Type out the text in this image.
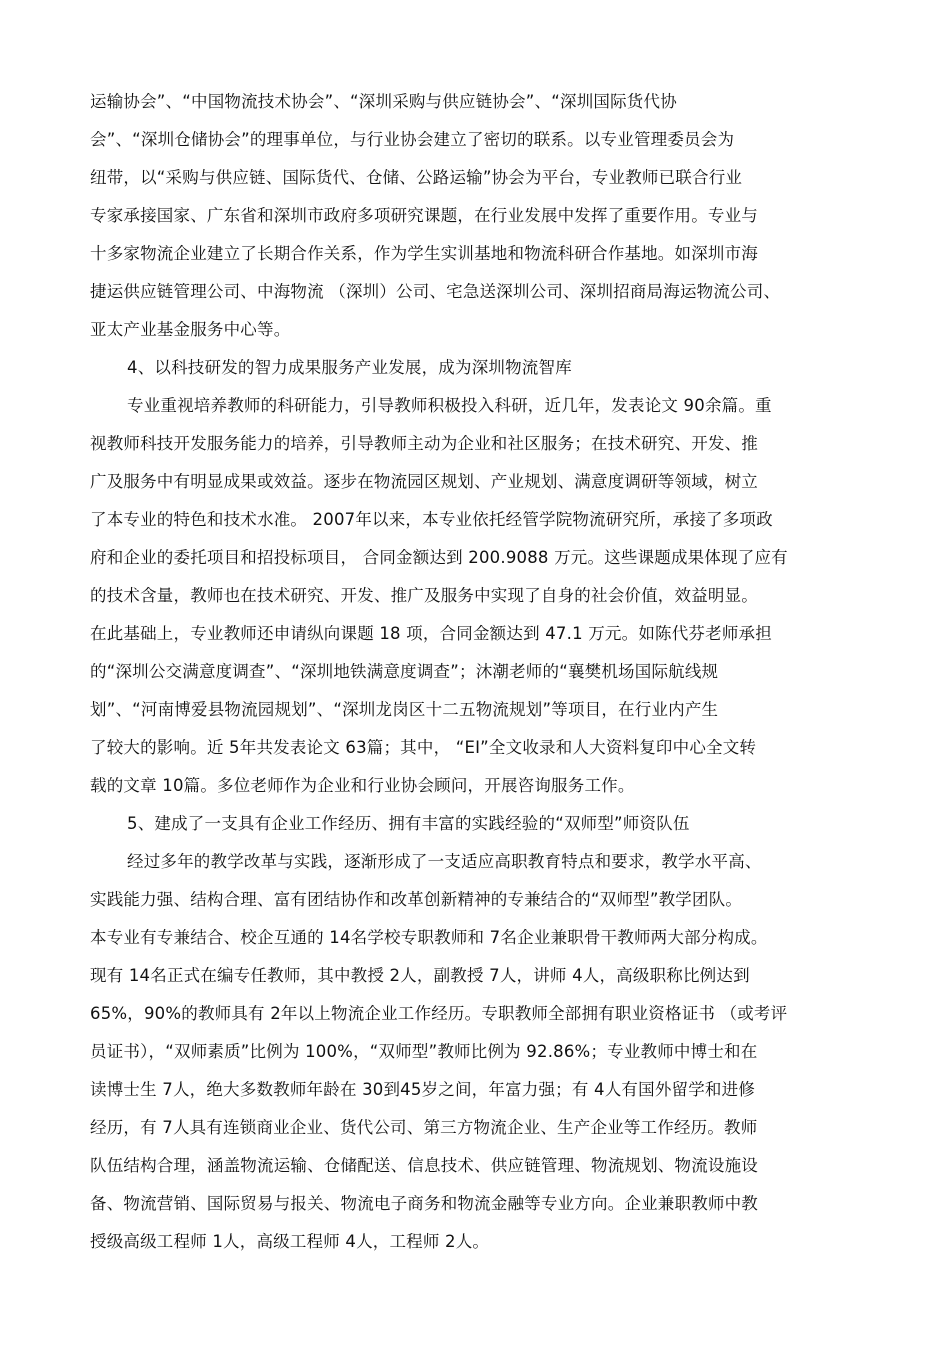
运输协会”、“中国物流技术协会”、“深圳采购与供应链协会”、“深圳国际货代协
会”、“深圳仓储协会”的理事单位，与行业协会建立了密切的联系。以专业管理委员会为
纽带，以“采购与供应链、国际货代、仓储、公路运输”协会为平台，专业教师已联合行业
专家承接国家、广东省和深圳市政府多项研究课题，在行业发展中发挥了重要作用。专业与
十多家物流企业建立了长期合作关系，作为学生实训基地和物流科研合作基地。如深圳市海
捷运供应链管理公司、中海物流 （深圳）公司、宅急送深圳公司、深圳招商局海运物流公司、
亚太产业基金服务中心等。
4、以科技研发的智力成果服务产业发展，成为深圳物流智库
专业重视培养教师的科研能力，引导教师积极投入科研，近几年，发表论文 90余篇。重
视教师科技开发服务能力的培养，引导教师主动为企业和社区服务；在技术研究、开发、推
广及服务中有明显成果或效益。逐步在物流园区规划、产业规划、满意度调研等领域，树立
了本专业的特色和技术水准。 2007年以来，本专业依托经管学院物流研究所，承接了多项政
府和企业的委托项目和招投标项目， 合同金额达到 200.9088 万元。这些课题成果体现了应有
的技术含量，教师也在技术研究、开发、推广及服务中实现了自身的社会价值，效益明显。
在此基础上，专业教师还申请纵向课题 18 项，合同金额达到 47.1 万元。如陈代芬老师承担
的“深圳公交满意度调查”、“深圳地铁满意度调查”；沐潮老师的“襄樊机场国际航线规
划”、“河南博爱县物流园规划”、“深圳龙岗区十二五物流规划”等项目，在行业内产生
了较大的影响。近 5年共发表论文 63篇；其中， “EI”全文收录和人大资料复印中心全文转
载的文章 10篇。多位老师作为企业和行业协会顾问，开展咨询服务工作。
5、建成了一支具有企业工作经历、拥有丰富的实践经验的“双师型”师资队伍
经过多年的教学改革与实践，逐渐形成了一支适应高职教育特点和要求，教学水平高、
实践能力强、结构合理、富有团结协作和改革创新精神的专兼结合的“双师型”教学团队。
本专业有专兼结合、校企互通的 14名学校专职教师和 7名企业兼职骨干教师两大部分构成。
现有 14名正式在编专任教师，其中教授 2人，副教授 7人，讲师 4人，高级职称比例达到
65%，90%的教师具有 2年以上物流企业工作经历。专职教师全部拥有职业资格证书 （或考评
员证书），“双师素质”比例为 100%，“双师型”教师比例为 92.86%；专业教师中博士和在
读博士生 7人，绝大多数教师年龄在 30到45岁之间，年富力强；有 4人有国外留学和进修
经历，有 7人具有连锁商业企业、货代公司、第三方物流企业、生产企业等工作经历。教师
队伍结构合理，涵盖物流运输、仓储配送、信息技术、供应链管理、物流规划、物流设施设
备、物流营销、国际贸易与报关、物流电子商务和物流金融等专业方向。企业兼职教师中教
授级高级工程师 1人，高级工程师 4人，工程师 2人。
